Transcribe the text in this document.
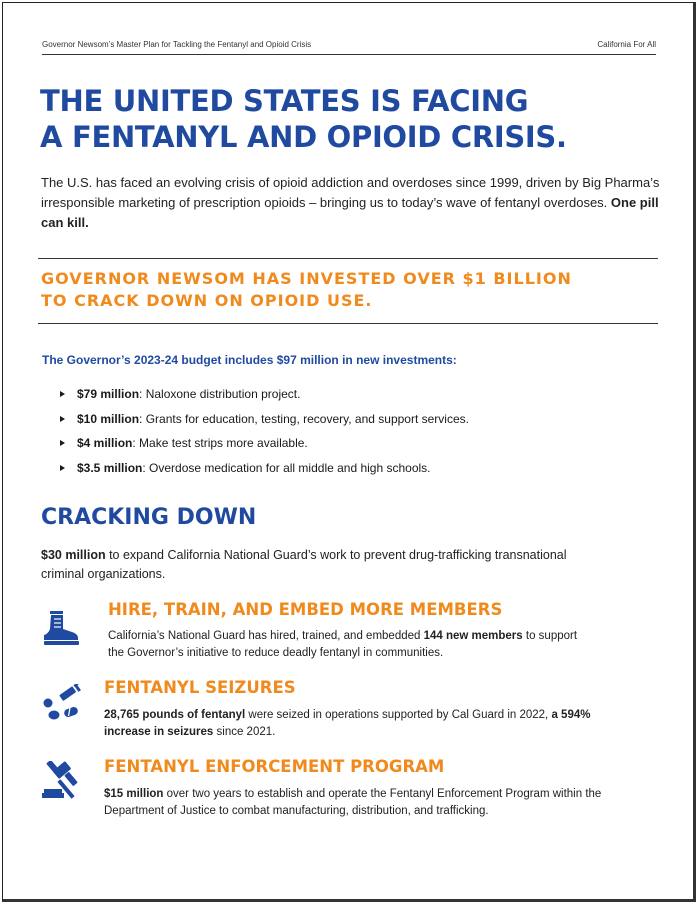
Governor Newsom’s Master Plan for Tackling the Fentanyl and Opioid Crisis	California For All
THE UNITED STATES IS FACING
A FENTANYL AND OPIOID CRISIS.

The U.S. has faced an evolving crisis of opioid addiction and overdoses since 1999, driven by Big Pharma’s irresponsible marketing of prescription opioids – bringing us to today’s wave of fentanyl overdoses. One pill can kill.

GOVERNOR NEWSOM HAS INVESTED OVER $1 BILLION
TO CRACK DOWN ON OPIOID USE.

The Governor’s 2023-24 budget includes $97 million in new investments:

$79 million: Naloxone distribution project.
$10 million: Grants for education, testing, recovery, and support services.
$4 million: Make test strips more available.
$3.5 million: Overdose medication for all middle and high schools.
CRACKING DOWN

$30 million to expand California National Guard’s work to prevent drug-trafficking transnational criminal organizations.

HIRE, TRAIN, AND EMBED MORE MEMBERS

California’s National Guard has hired, trained, and embedded 144 new members to support the Governor’s initiative to reduce deadly fentanyl in communities.

FENTANYL SEIZURES

28,765 pounds of fentanyl were seized in operations supported by Cal Guard in 2022, a 594% increase in seizures since 2021.

FENTANYL ENFORCEMENT PROGRAM

$15 million over two years to establish and operate the Fentanyl Enforcement Program within the Department of Justice to combat manufacturing, distribution, and trafficking.
